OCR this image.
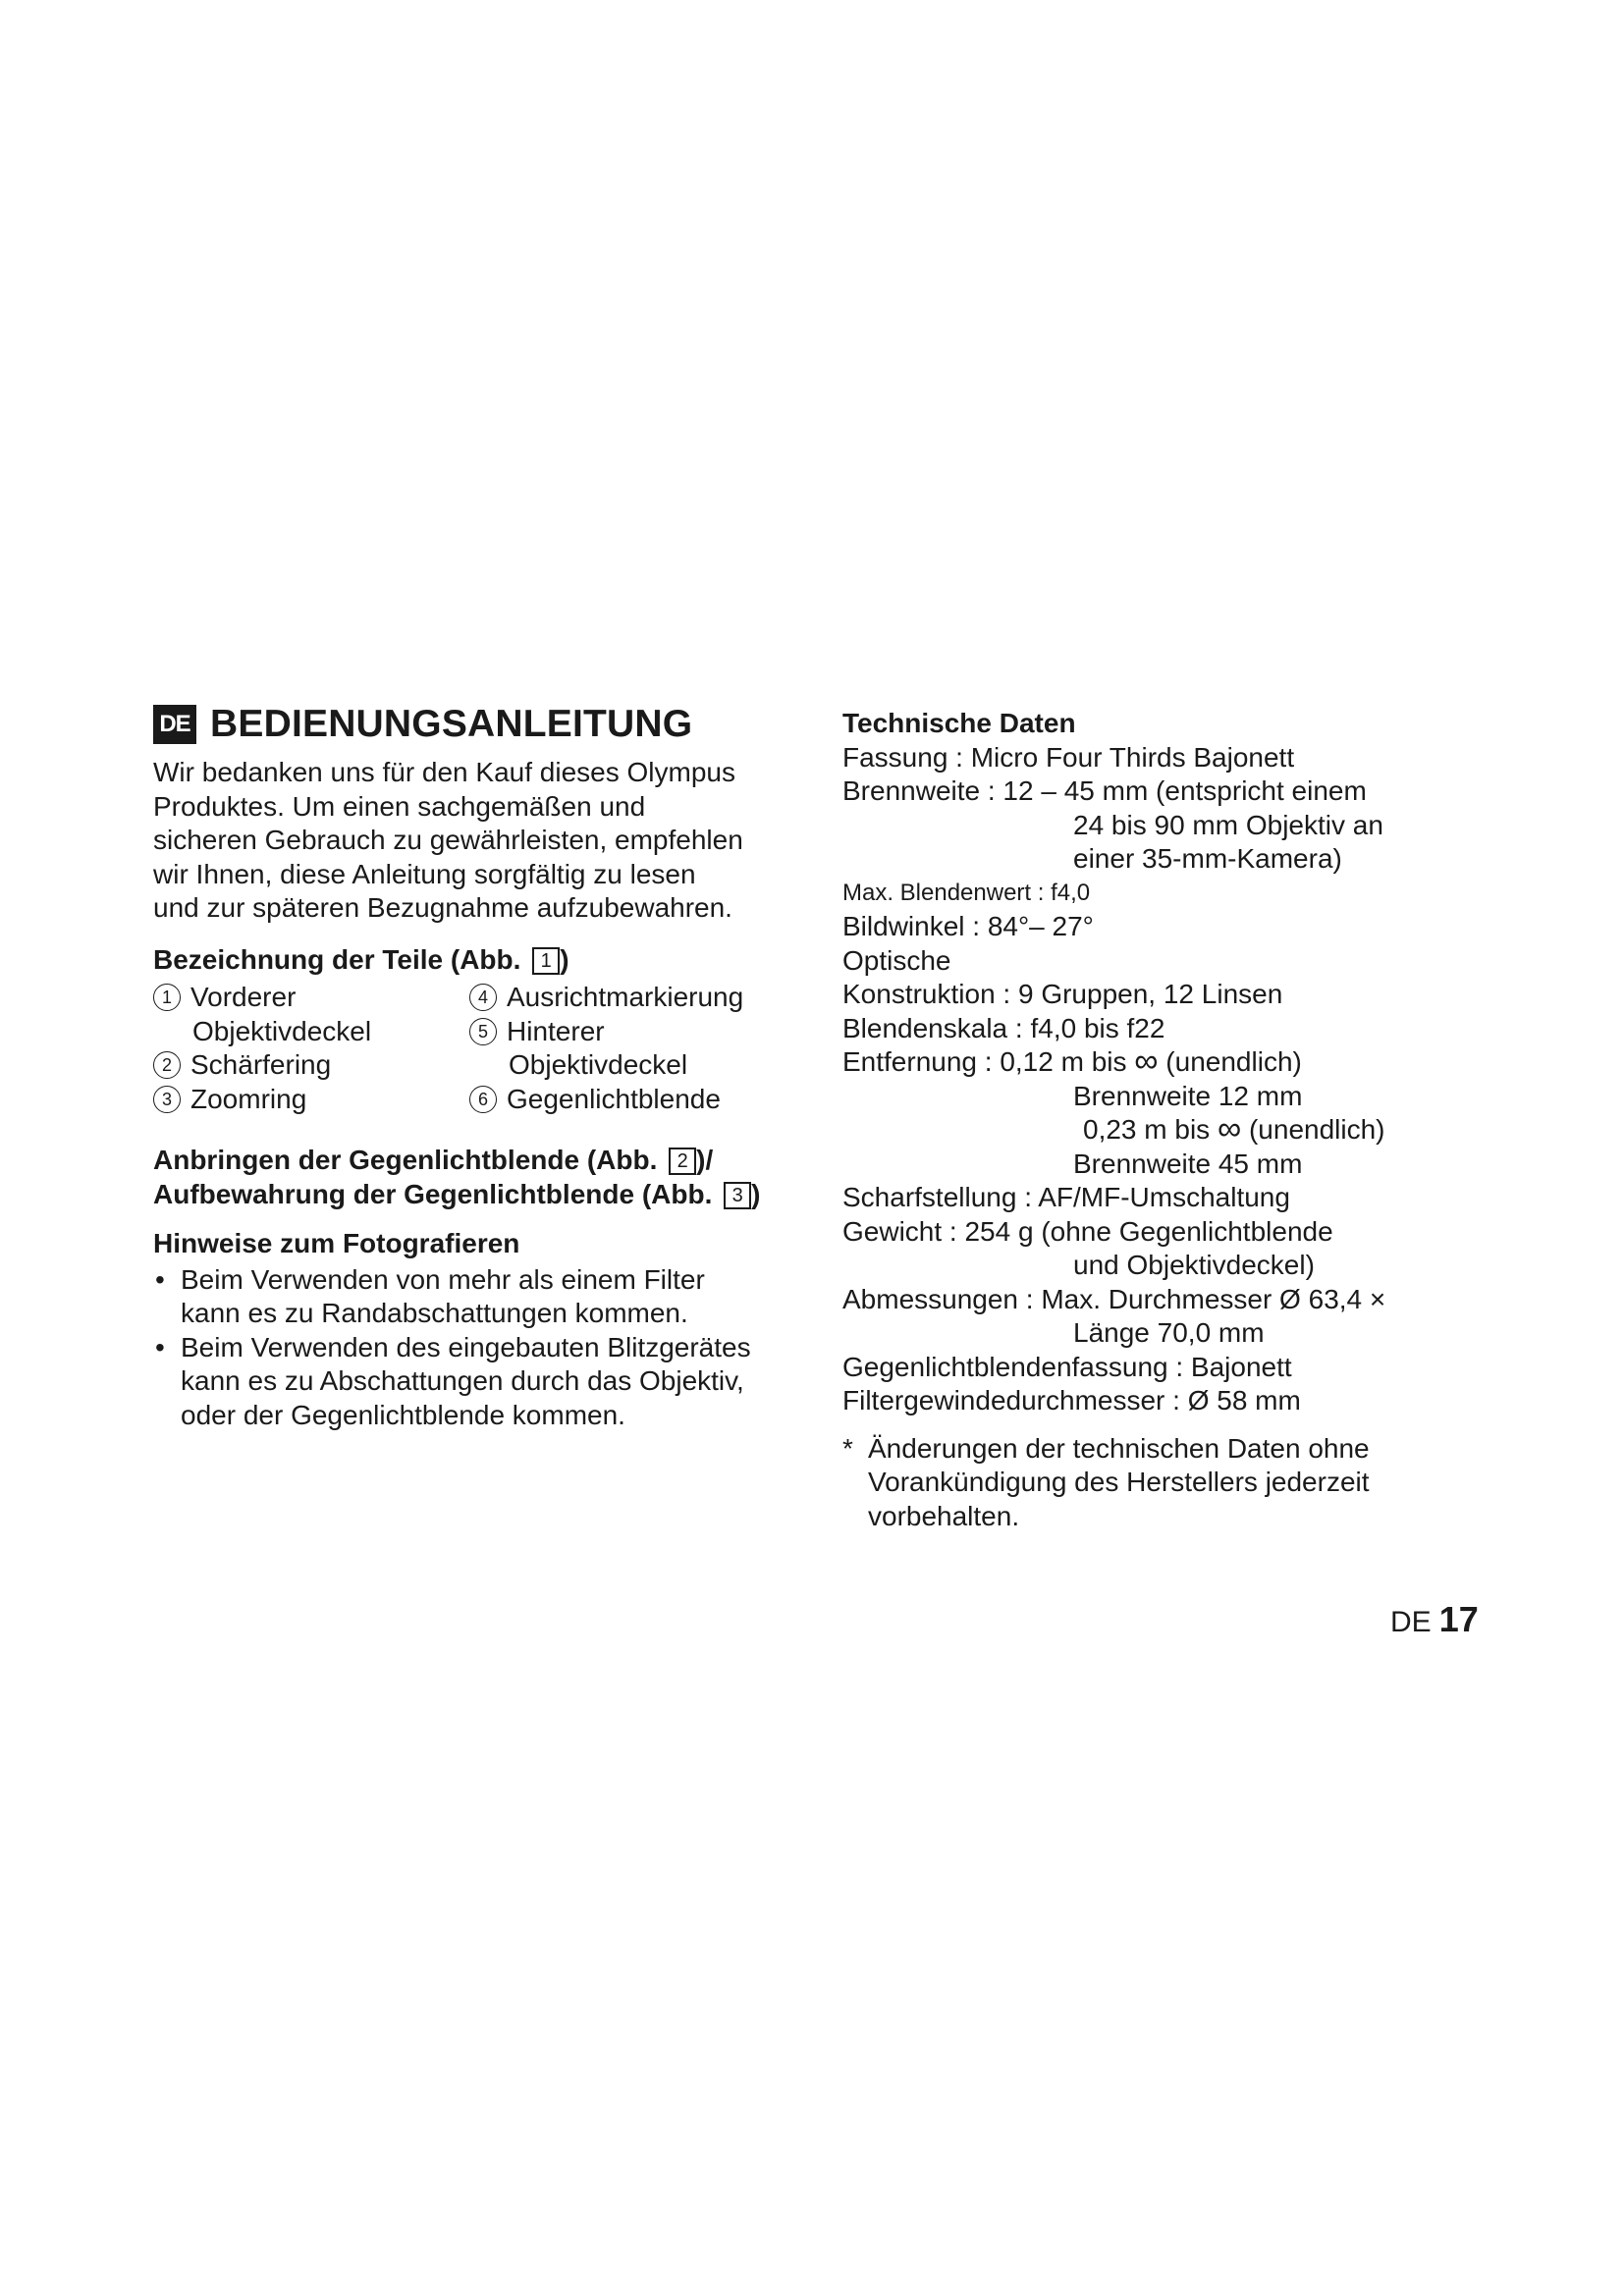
DE BEDIENUNGSANLEITUNG

Wir bedanken uns für den Kauf dieses Olympus
Produktes. Um einen sachgemäßen und
sicheren Gebrauch zu gewährleisten, empfehlen
wir Ihnen, diese Anleitung sorgfältig zu lesen
und zur späteren Bezugnahme aufzubewahren.

Bezeichnung der Teile (Abb. 1 )

1 Vorderer
Objektivdeckel
2 Schärfering
3 Zoomring
4 Ausrichtmarkierung
5 Hinterer
Objektivdeckel
6 Gegenlichtblende

Anbringen der Gegenlichtblende (Abb. 2 )/
Aufbewahrung der Gegenlichtblende (Abb. 3 )

Hinweise zum Fotografieren

• Beim Verwenden von mehr als einem Filter
kann es zu Randabschattungen kommen.
• Beim Verwenden des eingebauten Blitzgerätes
kann es zu Abschattungen durch das Objektiv,
oder der Gegenlichtblende kommen.

Technische Daten

Fassung : Micro Four Thirds Bajonett

Brennweite : 12 – 45 mm (entspricht einem
24 bis 90 mm Objektiv an
einer 35-mm-Kamera)

Max. Blendenwert : f4,0

Bildwinkel : 84°– 27°

Optische

Konstruktion : 9 Gruppen, 12 Linsen

Blendenskala : f4,0 bis f22

Entfernung : 0,12 m bis ∞ (unendlich)
Brennweite 12 mm
0,23 m bis ∞ (unendlich)
Brennweite 45 mm

Scharfstellung : AF/MF-Umschaltung

Gewicht : 254 g (ohne Gegenlichtblende
und Objektivdeckel)

Abmessungen : Max. Durchmesser Ø 63,4 ×
Länge 70,0 mm

Gegenlichtblendenfassung : Bajonett

Filtergewindedurchmesser : Ø 58 mm

* Änderungen der technischen Daten ohne
Vorankündigung des Herstellers jederzeit
vorbehalten.
DE 17
